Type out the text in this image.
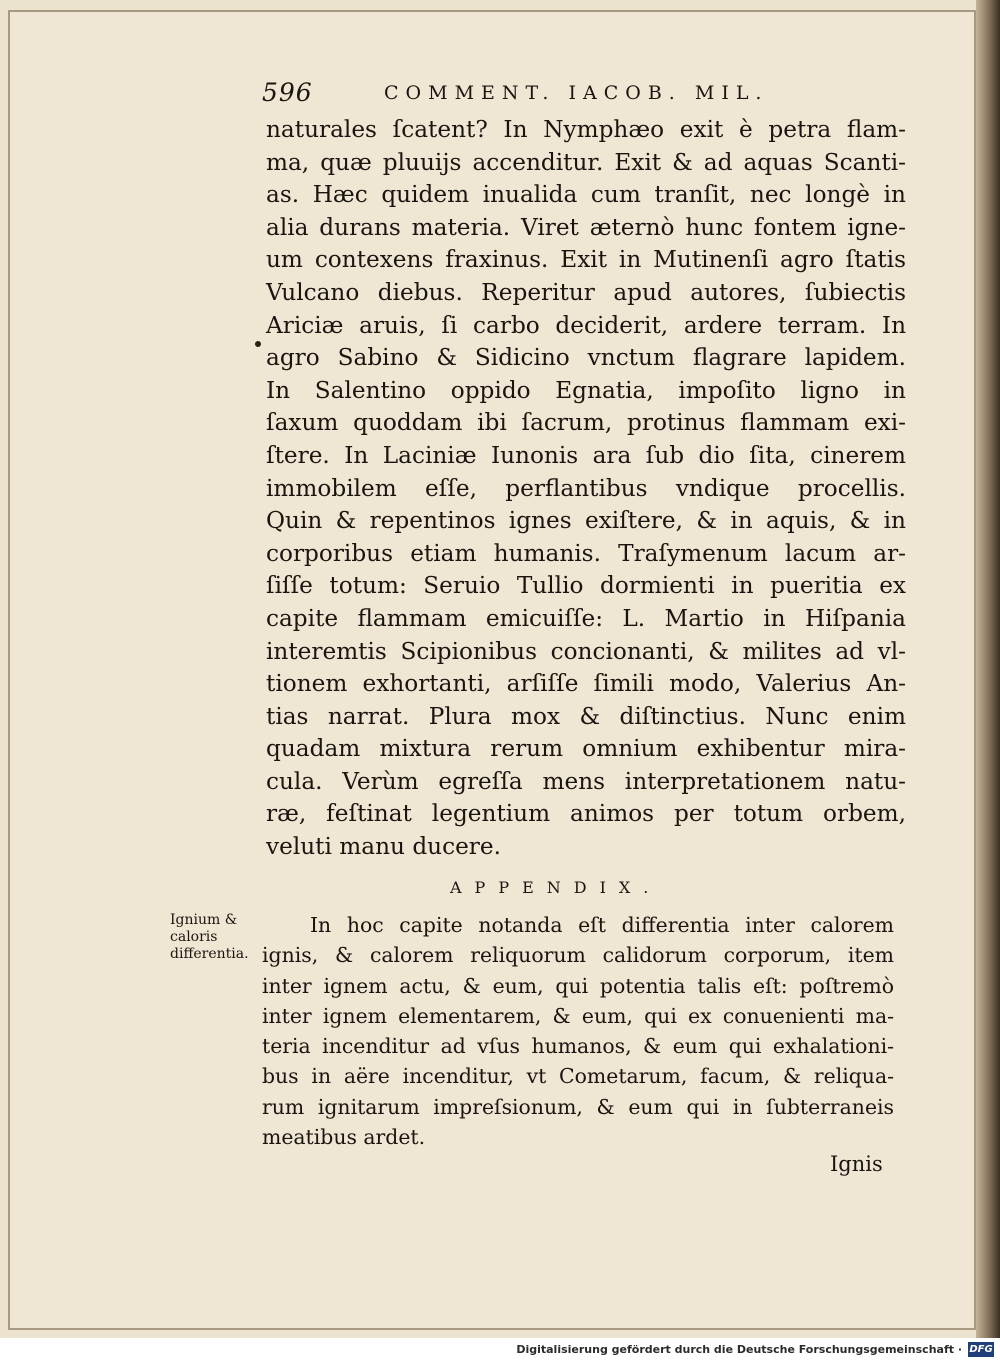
596	COMMENT. IACOB. MIL.
naturales ſcatent? In Nymphæo exit è petra flam-
ma, quæ pluuijs accenditur. Exit & ad aquas Scanti-
as. Hæc quidem inualida cum tranſit, nec longè in
alia durans materia. Viret æternò hunc fontem igne-
um contexens fraxinus. Exit in Mutinenſi agro ſtatis
Vulcano diebus. Reperitur apud autores, ſubiectis
Ariciæ aruis, ſi carbo deciderit, ardere terram. In
agro Sabino & Sidicino vnctum flagrare lapidem.
In Salentino oppido Egnatia, impoſito ligno in
ſaxum quoddam ibi ſacrum, protinus flammam exi-
ſtere. In Laciniæ Iunonis ara ſub dio ſita, cinerem
immobilem eſſe, perflantibus vndique procellis.
Quin & repentinos ignes exiſtere, & in aquis, & in
corporibus etiam humanis. Traſymenum lacum ar-
ſiſſe totum: Seruio Tullio dormienti in pueritia ex
capite flammam emicuiſſe: L. Martio in Hiſpania
interemtis Scipionibus concionanti, & milites ad vl-
tionem exhortanti, arſiſſe ſimili modo, Valerius An-
tias narrat. Plura mox & diſtinctius. Nunc enim
quadam mixtura rerum omnium exhibentur mira-
cula. Verùm egreſſa mens interpretationem natu-
ræ, feſtinat legentium animos per totum orbem,
veluti manu ducere.
APPENDIX.
Ignium & caloris differentia.
In hoc capite notanda eſt differentia inter calorem
ignis, & calorem reliquorum calidorum corporum, item
inter ignem actu, & eum, qui potentia talis eſt: poſtremò
inter ignem elementarem, & eum, qui ex conuenienti ma-
teria incenditur ad vſus humanos, & eum qui exhalationi-
bus in aëre incenditur, vt Cometarum, facum, & reliqua-
rum ignitarum impreſsionum, & eum qui in ſubterraneis
meatibus ardet.
Ignis
Digitalisierung gefördert durch die Deutsche Forschungsgemeinschaft · DFG
